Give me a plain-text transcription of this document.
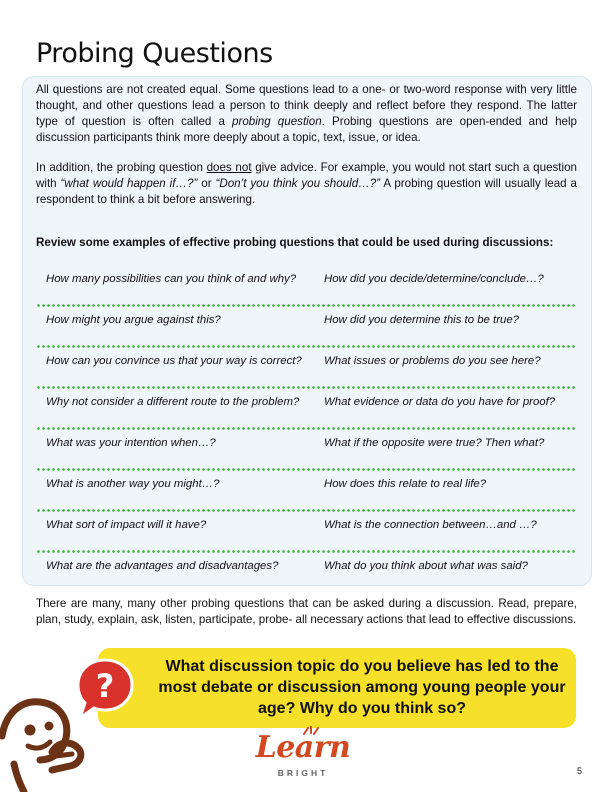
Probing Questions

All questions are not created equal. Some questions lead to a one- or two-word response with very little thought, and other questions lead a person to think deeply and reflect before they respond. The latter type of question is often called a probing question. Probing questions are open-ended and help discussion participants think more deeply about a topic, text, issue, or idea.

In addition, the probing question does not give advice. For example, you would not start such a question with “what would happen if…?” or “Don’t you think you should…?” A probing question will usually lead a respondent to think a bit before answering.

Review some examples of effective probing questions that could be used during discussions:

How many possibilities can you think of and why? How did you decide/determine/conclude…?
How might you argue against this?	How did you determine this to be true?
How can you convince us that your way is correct? What issues or problems do you see here?
Why not consider a different route to the problem? What evidence or data do you have for proof?
What was your intention when…?	What if the opposite were true? Then what?
What is another way you might…?	How does this relate to real life?
What sort of impact will it have?	What is the connection between…and …?
What are the advantages and disadvantages?	What do you think about what was said?

There are many, many other probing questions that can be asked during a discussion. Read, prepare, plan, study, explain, ask, listen, participate, probe- all necessary actions that lead to effective discussions.

What discussion topic do you believe has led to the most debate or discussion among young people your age? Why do you think so?

?
Learn
BRIGHT	5
